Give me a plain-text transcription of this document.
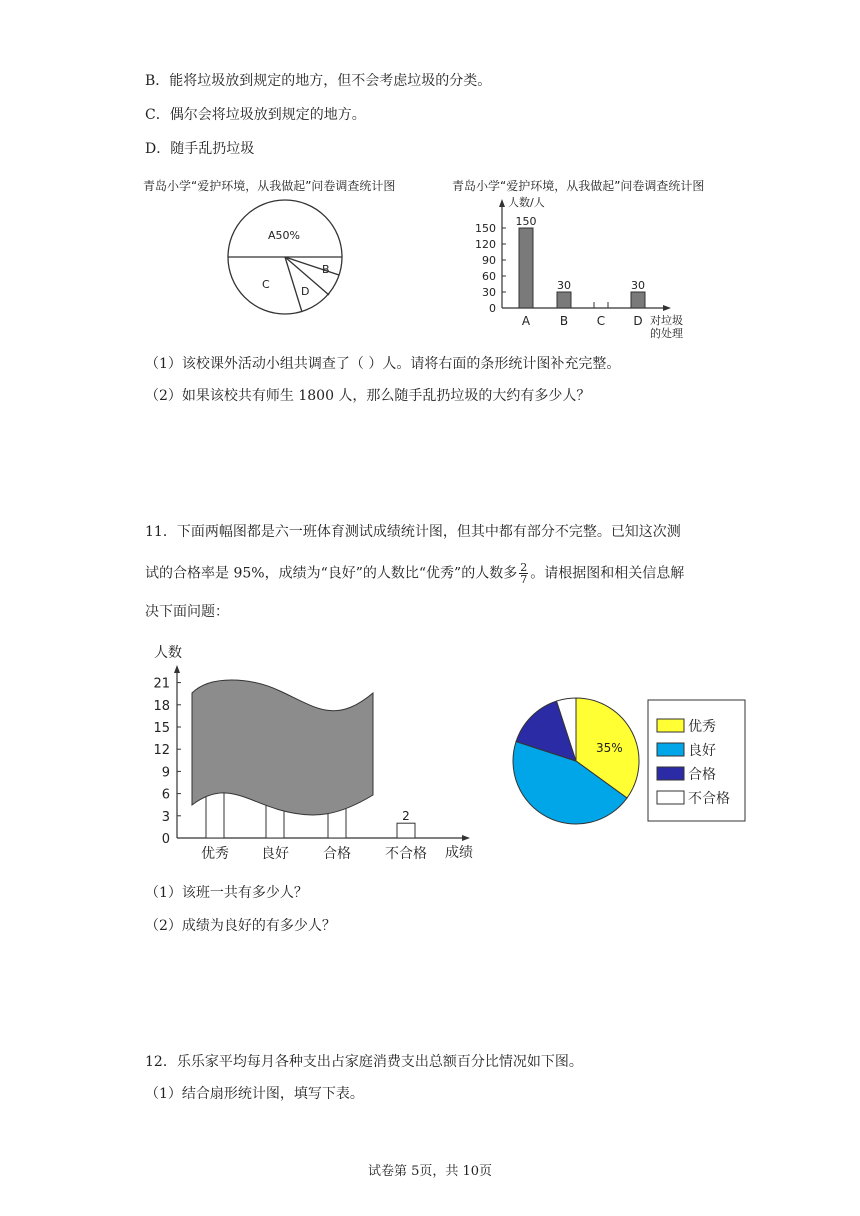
B．能将垃圾放到规定的地方，但不会考虑垃圾的分类。
C．偶尔会将垃圾放到规定的地方。
D．随手乱扔垃圾
青岛小学“爱护环境，从我做起”问卷调查统计图	青岛小学“爱护环境，从我做起”问卷调查统计图
A50%
B
C
D
人数/人
对垃圾
的处理
0
30
60
90
120
150
150
A
30
B C
30
D
（1）该校课外活动小组共调查了（ ）人。请将右面的条形统计图补充完整。
（2）如果该校共有师生 1800 人，那么随手乱扔垃圾的大约有多少人？
11．下面两幅图都是六一班体育测试成绩统计图，但其中都有部分不完整。已知这次测
试的合格率是 95%，成绩为“良好”的人数比“优秀”的人数多 $\frac{2}{7}$ 。请根据图和相关信息解
决下面问题：
人数
成绩
0
3
6
9
12
15
18
21
优秀 良好 合格
2
不合格
35%
优秀
良好
合格
不合格
（1）该班一共有多少人？
（2）成绩为良好的有多少人？
12．乐乐家平均每月各种支出占家庭消费支出总额百分比情况如下图。
（1）结合扇形统计图，填写下表。
试卷第 5页，共 10页
